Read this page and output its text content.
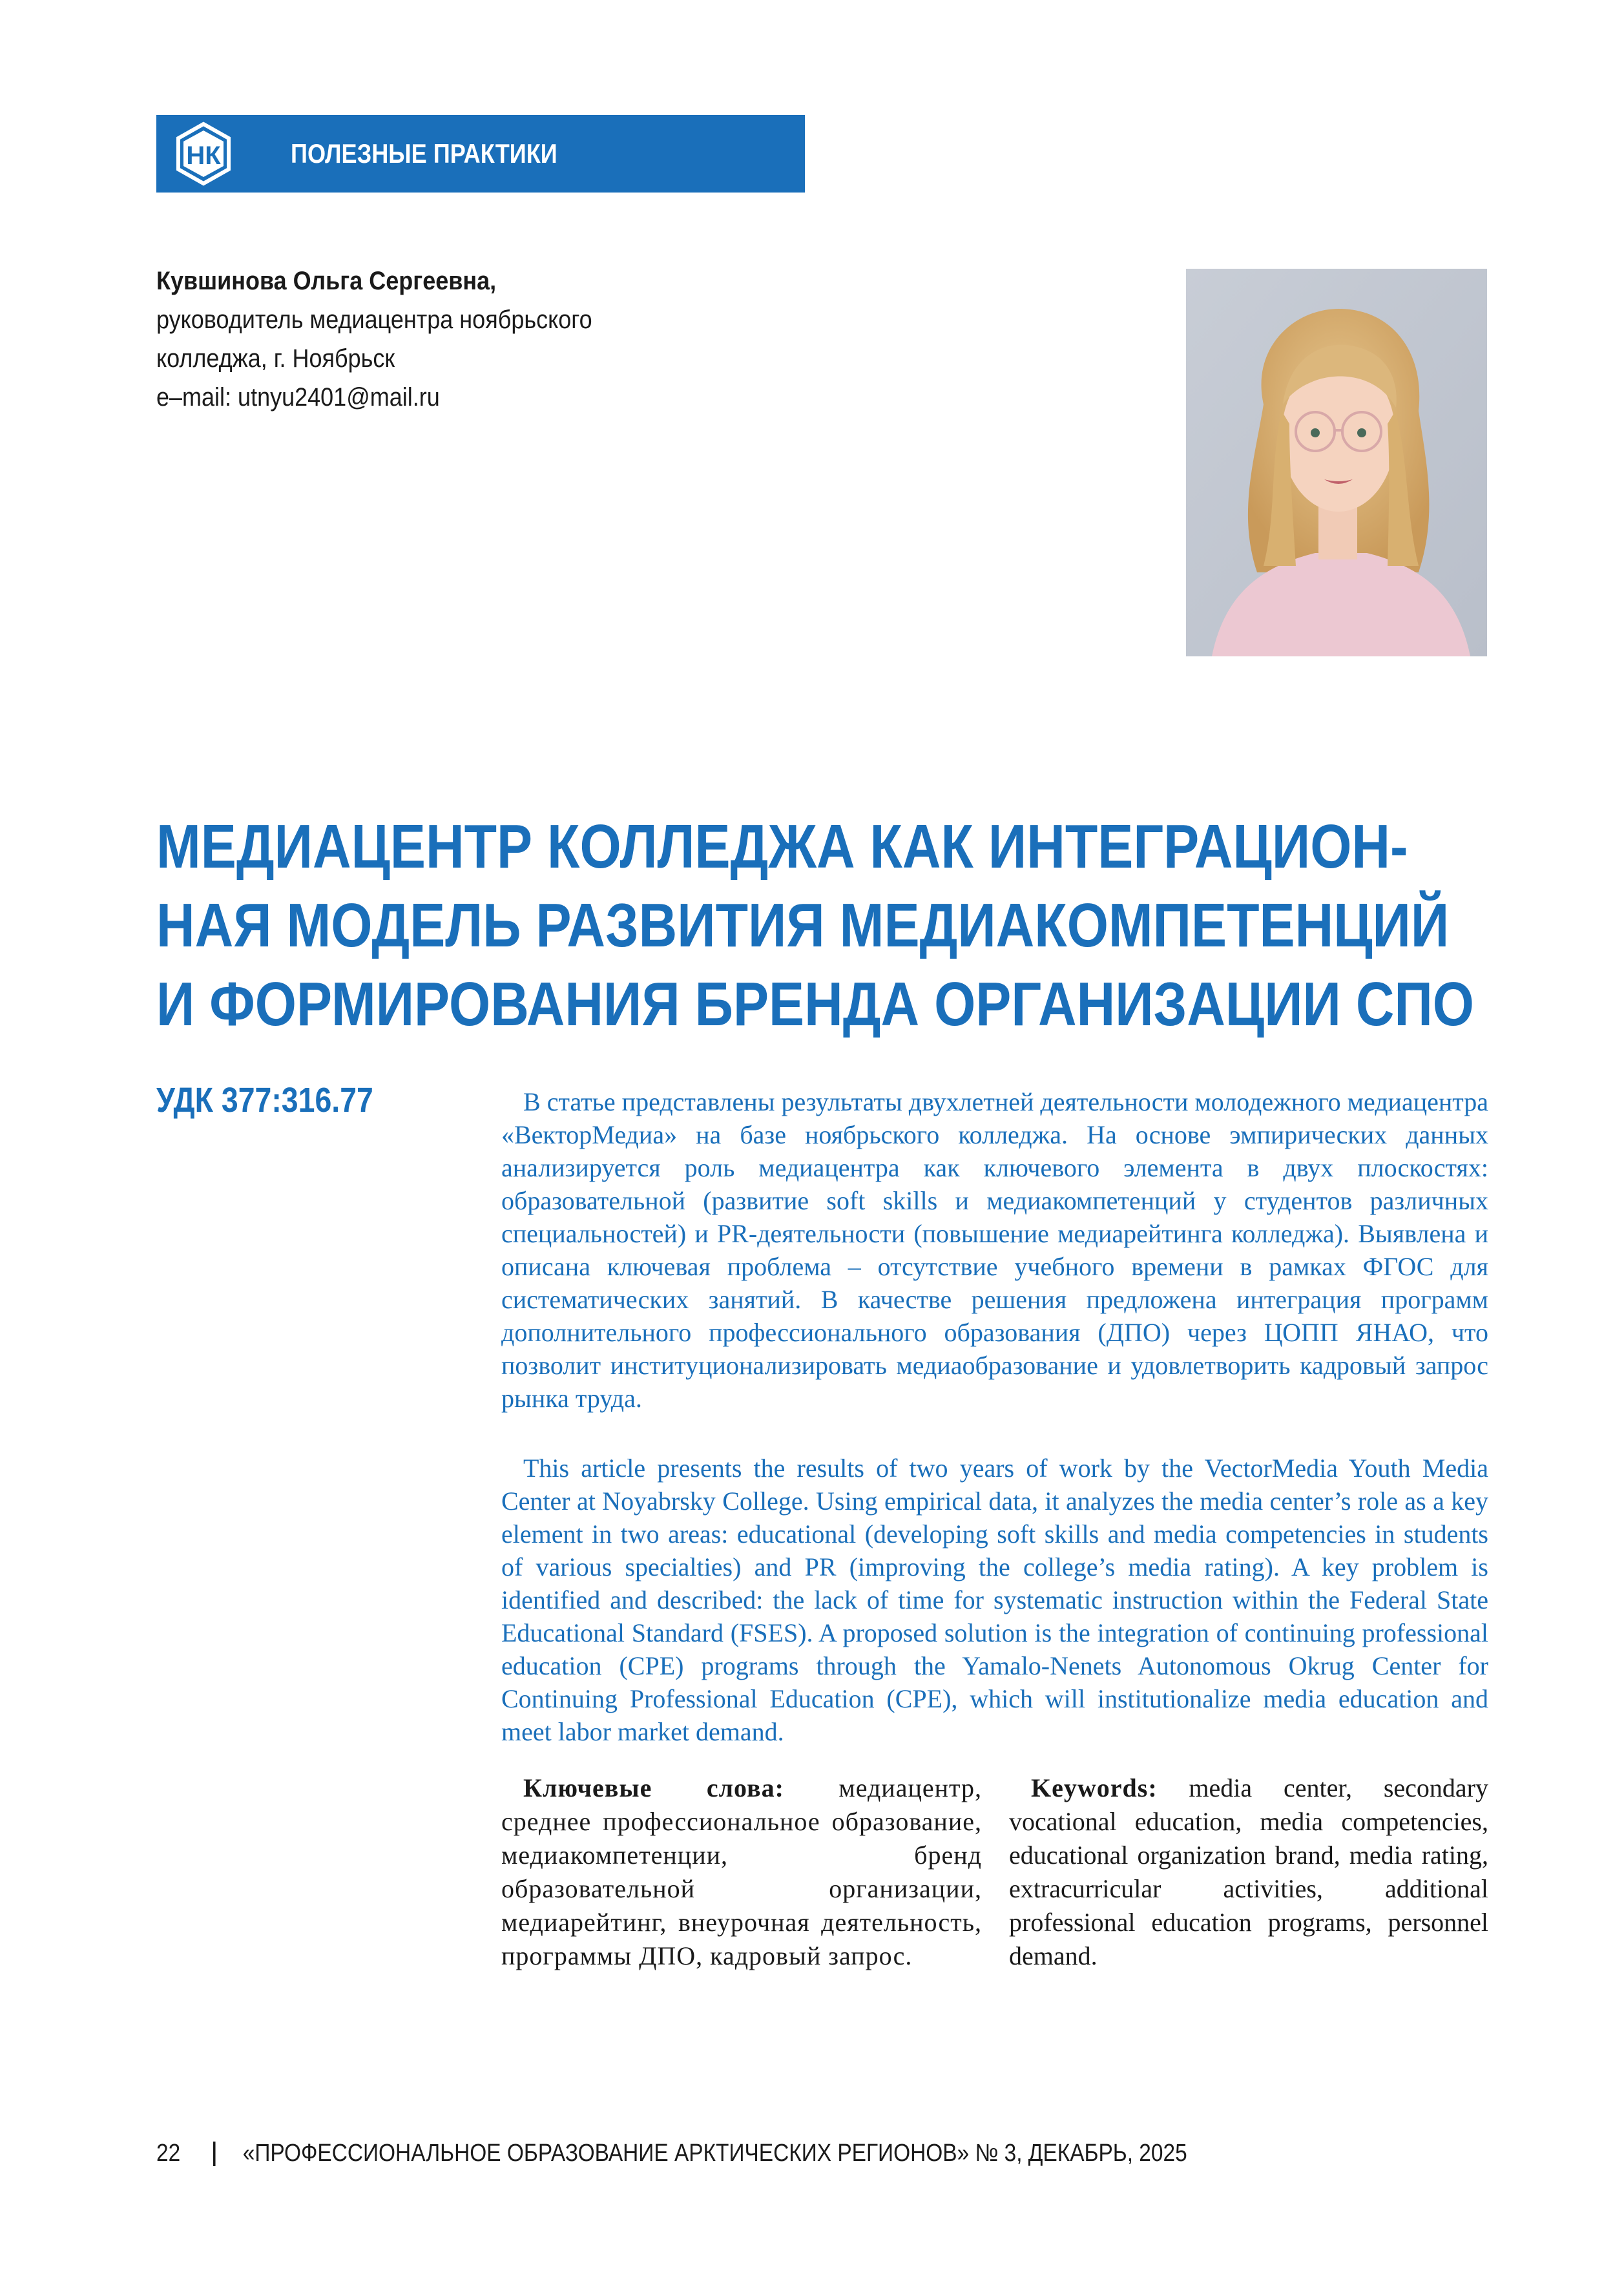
НК	ПОЛЕЗНЫЕ ПРАКТИКИ
Кувшинова Ольга Сергеевна,
руководитель медиацентра ноябрьского
колледжа, г. Ноябрьск
e–mail: utnyu2401@mail.ru
МЕДИАЦЕНТР КОЛЛЕДЖА КАК ИНТЕГРАЦИОН-
НАЯ МОДЕЛЬ РАЗВИТИЯ МЕДИАКОМПЕТЕНЦИЙ
И ФОРМИРОВАНИЯ БРЕНДА ОРГАНИЗАЦИИ СПО
УДК 377:316.77	В статье представлены результаты двухлетней деятельности молодежного медиацентра «ВекторМедиа» на базе ноябрьского колледжа. На основе эмпирических данных анализируется роль медиацентра как ключевого элемента в двух плоскостях: образовательной (развитие soft skills и медиакомпетенций у студентов различных специальностей) и PR-деятельности (повышение медиарейтинга колледжа). Выявлена и описана ключевая проблема – отсутствие учебного времени в рамках ФГОС для систематических занятий. В качестве решения предложена интеграция программ дополнительного профессионального образования (ДПО) через ЦОПП ЯНАО, что позволит институционализировать медиаобразование и удовлетворить кадровый запрос рынка труда.

This article presents the results of two years of work by the VectorMedia Youth Media Center at Noyabrsky College. Using empirical data, it analyzes the media center’s role as a key element in two areas: educational (developing soft skills and media competencies in students of various specialties) and PR (improving the college’s media rating). A key problem is identified and described: the lack of time for systematic instruction within the Federal State Educational Standard (FSES). A proposed solution is the integration of continuing professional education (CPE) programs through the Yamalo-Nenets Autonomous Okrug Center for Continuing Professional Education (CPE), which will institutionalize media education and meet labor market demand.

Ключевые слова: медиацентр, среднее профессиональное образование, медиакомпетенции, бренд образовательной организации, медиарейтинг, внеурочная деятельность, программы ДПО, кадровый запрос.

Keywords: media center, secondary vocational education, media competencies, educational organization brand, media rating, extracurricular activities, additional professional education programs, personnel demand.

22	«ПРОФЕССИОНАЛЬНОЕ ОБРАЗОВАНИЕ АРКТИЧЕСКИХ РЕГИОНОВ» № 3, ДЕКАБРЬ, 2025
